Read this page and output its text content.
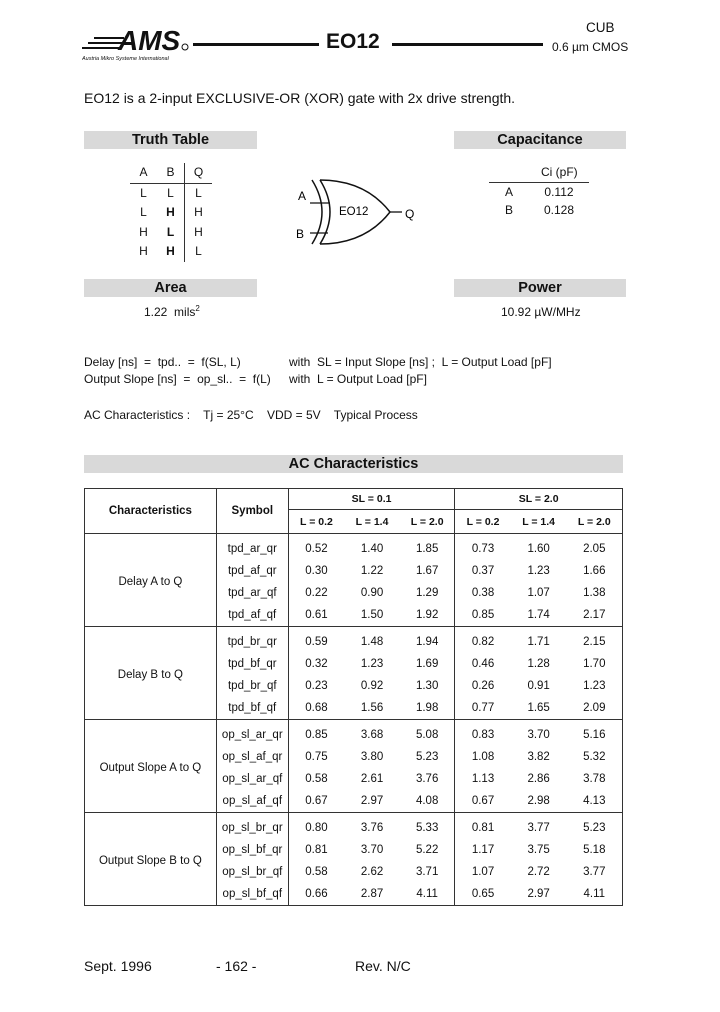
AMS
Austria Mikro Systeme International
EO12
CUB
0.6 µm CMOS
EO12 is a 2-input EXCLUSIVE-OR (XOR) gate with 2x drive strength.
Truth Table
A B Q
L L L
L H H
H L H
H H L
A
B
EO12	Q
Capacitance
Ci (pF)
A	0.112
B	0.128
Area
1.22 mils$^2$
Power
10.92 µW/MHz
Delay [ns]  =  tpd..  =  f(SL, L)	with  SL = Input Slope [ns] ;  L = Output Load [pF]
Output Slope [ns]  =  op_sl..  =  f(L) with  L = Output Load [pF]
AC Characteristics :    Tj = 25°C    VDD = 5V    Typical Process
AC Characteristics
Characteristics	Symbol	SL = 0.1			SL = 2.0		
		L = 0.2	L = 1.4	L = 2.0	L = 0.2	L = 1.4	L = 2.0
Delay A to Q	tpd_ar_qr	0.52	1.40	1.85	0.73	1.60	2.05
	tpd_af_qr	0.30	1.22	1.67	0.37	1.23	1.66
	tpd_ar_qf	0.22	0.90	1.29	0.38	1.07	1.38
	tpd_af_qf	0.61	1.50	1.92	0.85	1.74	2.17
Delay B to Q	tpd_br_qr	0.59	1.48	1.94	0.82	1.71	2.15
	tpd_bf_qr	0.32	1.23	1.69	0.46	1.28	1.70
	tpd_br_qf	0.23	0.92	1.30	0.26	0.91	1.23
	tpd_bf_qf	0.68	1.56	1.98	0.77	1.65	2.09
Output Slope A to Q	op_sl_ar_qr	0.85	3.68	5.08	0.83	3.70	5.16
	op_sl_af_qr	0.75	3.80	5.23	1.08	3.82	5.32
	op_sl_ar_qf	0.58	2.61	3.76	1.13	2.86	3.78
	op_sl_af_qf	0.67	2.97	4.08	0.67	2.98	4.13
Output Slope B to Q	op_sl_br_qr	0.80	3.76	5.33	0.81	3.77	5.23
	op_sl_bf_qr	0.81	3.70	5.22	1.17	3.75	5.18
	op_sl_br_qf	0.58	2.62	3.71	1.07	2.72	3.77
	op_sl_bf_qf	0.66	2.87	4.11	0.65	2.97	4.11
Sept. 1996	- 162 -	Rev. N/C
